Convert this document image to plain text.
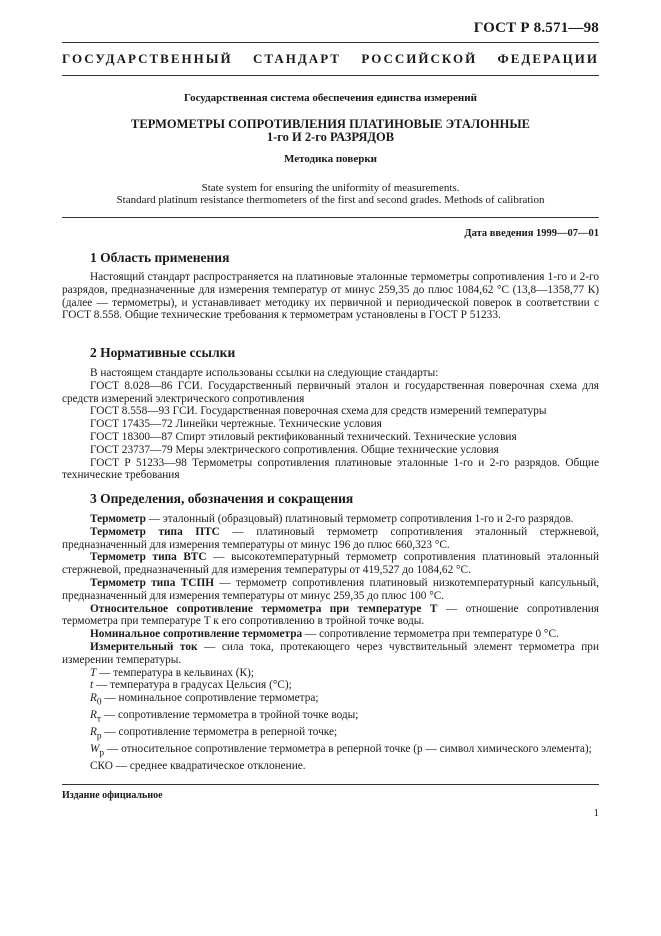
ГОСТ Р 8.571—98
ГОСУДАРСТВЕННЫЙ СТАНДАРТ РОССИЙСКОЙ ФЕДЕРАЦИИ
Государственная система обеспечения единства измерений
ТЕРМОМЕТРЫ СОПРОТИВЛЕНИЯ ПЛАТИНОВЫЕ ЭТАЛОННЫЕ
1-го И 2-го РАЗРЯДОВ
Методика поверки
State system for ensuring the uniformity of measurements.
Standard platinum resistance thermometers of the first and second grades. Methods of calibration
Дата введения 1999—07—01
1 Область применения

Настоящий стандарт распространяется на платиновые эталонные термометры сопротивления 1-го и 2-го разрядов, предназначенные для измерения температур от минус 259,35 до плюс 1084,62 °С (13,8—1358,77 К) (далее — термометры), и устанавливает методику их первичной и периодической поверок в соответствии с ГОСТ 8.558. Общие технические требования к термометрам установлены в ГОСТ Р 51233.

2 Нормативные ссылки

В настоящем стандарте использованы ссылки на следующие стандарты:

ГОСТ 8.028—86 ГСИ. Государственный первичный эталон и государственная поверочная схема для средств измерений электрического сопротивления

ГОСТ 8.558—93 ГСИ. Государственная поверочная схема для средств измерений температуры

ГОСТ 17435—72 Линейки чертежные. Технические условия

ГОСТ 18300—87 Спирт этиловый ректификованный технический. Технические условия

ГОСТ 23737—79 Меры электрического сопротивления. Общие технические условия

ГОСТ Р 51233—98 Термометры сопротивления платиновые эталонные 1-го и 2-го разрядов. Общие технические требования

3 Определения, обозначения и сокращения

Термометр — эталонный (образцовый) платиновый термометр сопротивления 1-го и 2-го разрядов.

Термометр типа ПТС — платиновый термометр сопротивления эталонный стержневой, предназначенный для измерения температуры от минус 196 до плюс 660,323 °С.

Термометр типа ВТС — высокотемпературный термометр сопротивления платиновый эталонный стержневой, предназначенный для измерения температуры от 419,527 до 1084,62 °С.

Термометр типа ТСПН — термометр сопротивления платиновый низкотемпературный капсульный, предназначенный для измерения температуры от минус 259,35 до плюс 100 °С.

Относительное сопротивление термометра при температуре T — отношение сопротивления термометра при температуре T к его сопротивлению в тройной точке воды.

Номинальное сопротивление термометра — сопротивление термометра при температуре 0 °С.

Измерительный ток — сила тока, протекающего через чувствительный элемент термометра при измерении температуры.

T — температура в кельвинах (К);

t — температура в градусах Цельсия (°С);

$R_0$ — номинальное сопротивление термометра;

$R_т$ — сопротивление термометра в тройной точке воды;

$R_р$ — сопротивление термометра в реперной точке;

$W_р$ — относительное сопротивление термометра в реперной точке (р — символ химического элемента);

СКО — среднее квадратическое отклонение.

Издание официальное
1
